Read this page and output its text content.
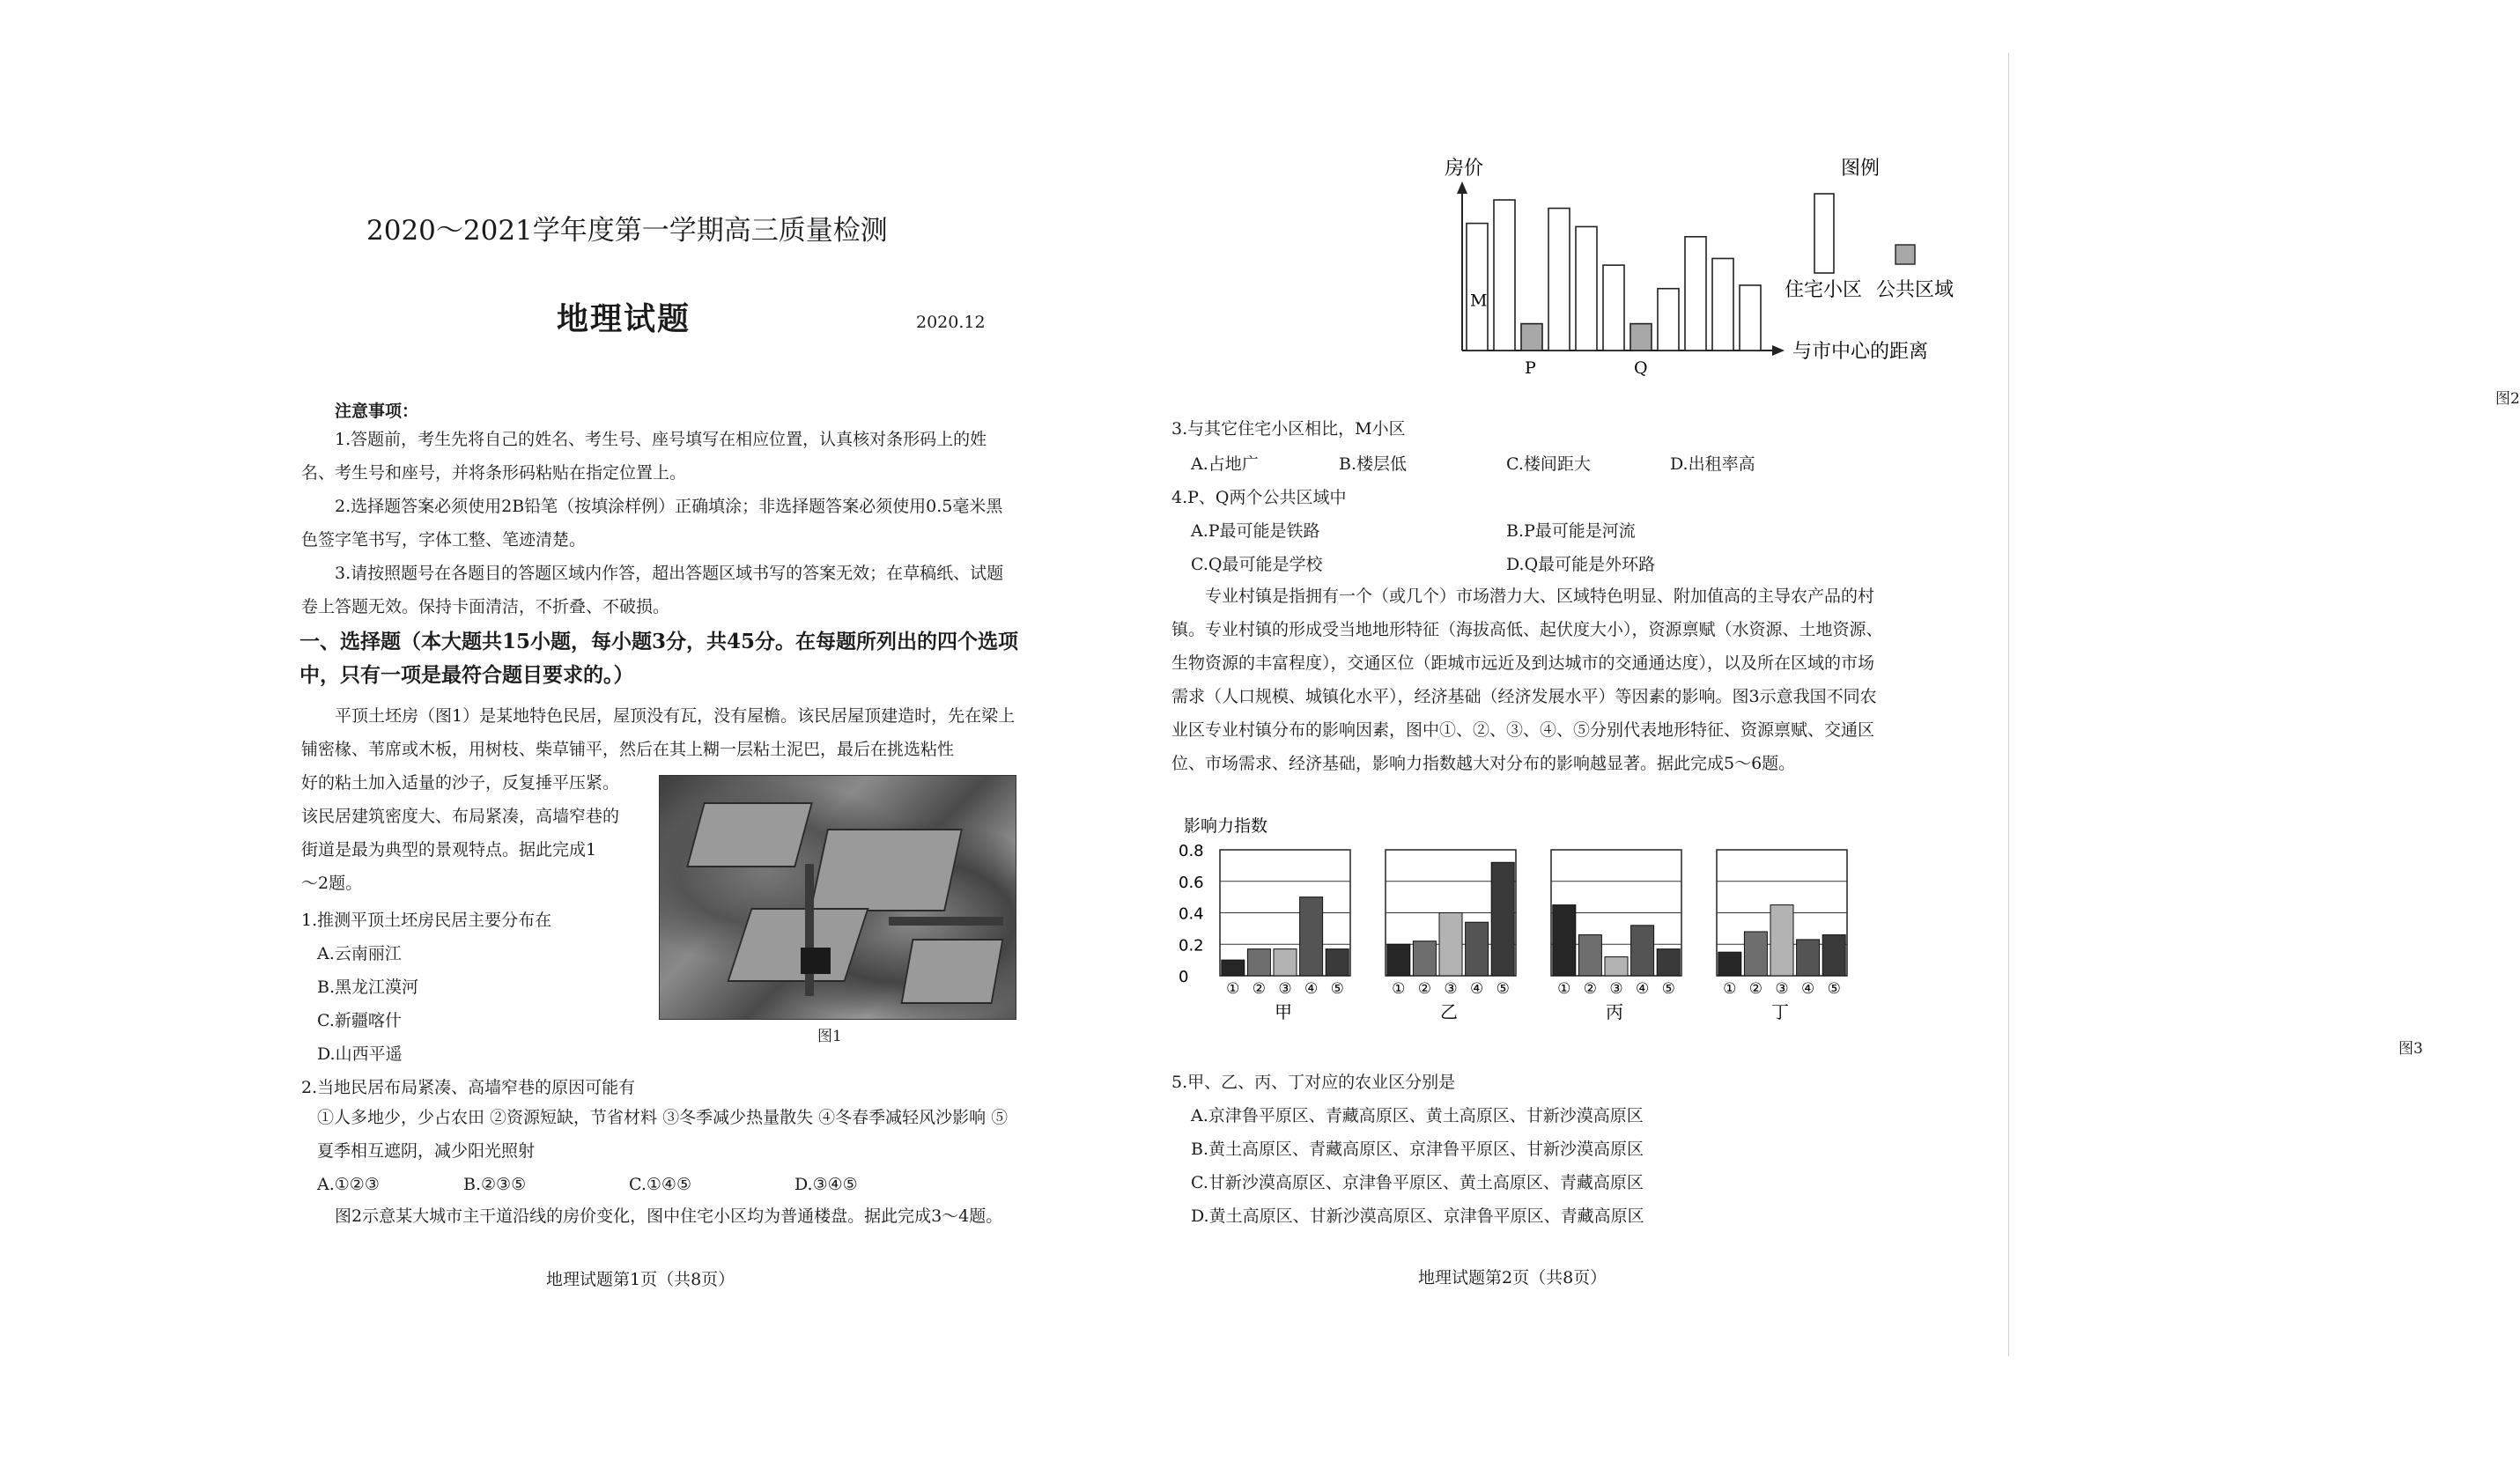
2020～2021学年度第一学期高三质量检测
地理试题	2020.12
注意事项：
1.答题前，考生先将自己的姓名、考生号、座号填写在相应位置，认真核对条形码上的姓名、考生号和座号，并将条形码粘贴在指定位置上。
2.选择题答案必须使用2B铅笔（按填涂样例）正确填涂；非选择题答案必须使用0.5毫米黑色签字笔书写，字体工整、笔迹清楚。
3.请按照题号在各题目的答题区域内作答，超出答题区域书写的答案无效；在草稿纸、试题卷上答题无效。保持卡面清洁，不折叠、不破损。
一、选择题（本大题共15小题，每小题3分，共45分。在每题所列出的四个选项中，只有一项是最符合题目要求的。）
平顶土坯房（图1）是某地特色民居，屋顶没有瓦，没有屋檐。该民居屋顶建造时，先在梁上铺密椽、苇席或木板，用树枝、柴草铺平，然后在其上糊一层粘土泥巴，最后在挑选粘性
好的粘土加入适量的沙子，反复捶平压紧。
该民居建筑密度大、布局紧凑，高墙窄巷的
街道是最为典型的景观特点。据此完成1
～2题。
图1
1.推测平顶土坯房民居主要分布在
A.云南丽江
B.黑龙江漠河
C.新疆喀什
D.山西平遥
2.当地民居布局紧凑、高墙窄巷的原因可能有
①人多地少，少占农田 ②资源短缺，节省材料 ③冬季减少热量散失 ④冬春季减轻风沙影响 ⑤夏季相互遮阴，减少阳光照射
A.①②③	B.②③⑤	C.①④⑤	D.③④⑤
图2示意某大城市主干道沿线的房价变化，图中住宅小区均为普通楼盘。据此完成3～4题。
地理试题第1页（共8页）
房价
与市中心的距离
M
P	Q
图例
住宅小区 公共区域
图2
3.与其它住宅小区相比，M小区
A.占地广	B.楼层低	C.楼间距大	D.出租率高
4.P、Q两个公共区域中
A.P最可能是铁路	B.P最可能是河流
C.Q最可能是学校	D.Q最可能是外环路
专业村镇是指拥有一个（或几个）市场潜力大、区域特色明显、附加值高的主导农产品的村镇。专业村镇的形成受当地地形特征（海拔高低、起伏度大小），资源禀赋（水资源、土地资源、生物资源的丰富程度），交通区位（距城市远近及到达城市的交通通达度），以及所在区域的市场需求（人口规模、城镇化水平），经济基础（经济发展水平）等因素的影响。图3示意我国不同农业区专业村镇分布的影响因素，图中①、②、③、④、⑤分别代表地形特征、资源禀赋、交通区位、市场需求、经济基础，影响力指数越大对分布的影响越显著。据此完成5～6题。
影响力指数
0
0.2
0.4
0.6
0.8
① ② ③ ④ ⑤
甲
① ② ③ ④ ⑤
乙
① ② ③ ④ ⑤
丙
① ② ③ ④ ⑤
丁
图3
5.甲、乙、丙、丁对应的农业区分别是
A.京津鲁平原区、青藏高原区、黄土高原区、甘新沙漠高原区
B.黄土高原区、青藏高原区、京津鲁平原区、甘新沙漠高原区
C.甘新沙漠高原区、京津鲁平原区、黄土高原区、青藏高原区
D.黄土高原区、甘新沙漠高原区、京津鲁平原区、青藏高原区
地理试题第2页（共8页）
